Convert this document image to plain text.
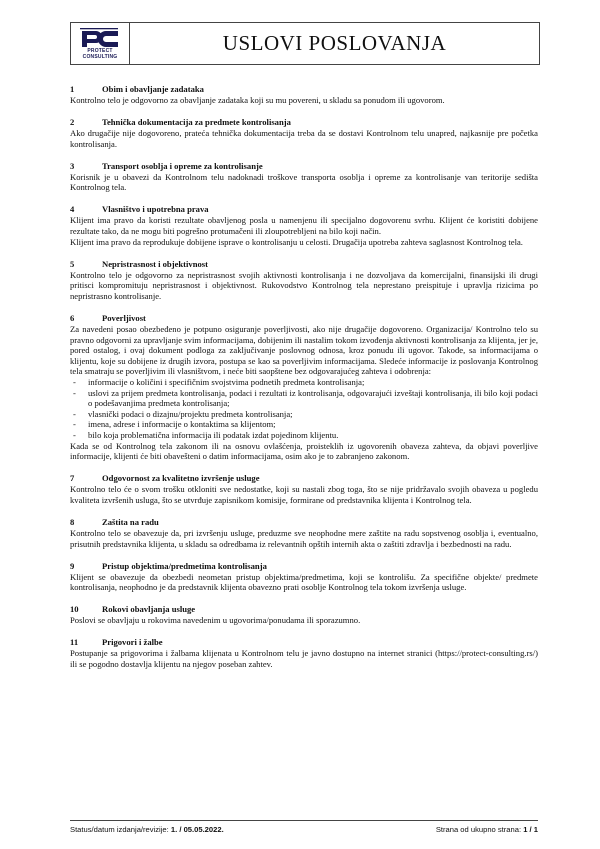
PROTECT
CONSULTING
USLOVI POSLOVANJA
1	Obim i obavljanje zadataka

Kontrolno telo je odgovorno za obavljanje zadataka koji su mu povereni, u skladu sa ponudom ili ugovorom.

2	Tehnička dokumentacija za predmete kontrolisanja

Ako drugačije nije dogovoreno, prateća tehnička dokumentacija treba da se dostavi Kontrolnom telu unapred, najkasnije pre početka kontrolisanja.

3	Transport osoblja i opreme za kontrolisanje

Korisnik je u obavezi da Kontrolnom telu nadoknadi troškove transporta osoblja i opreme za kontrolisanje van teritorije sedišta Kontrolnog tela.

4	Vlasništvo i upotrebna prava

Klijent ima pravo da koristi rezultate obavljenog posla u namenjenu ili specijalno dogovorenu svrhu. Klijent će koristiti dobijene rezultate tako, da ne mogu biti pogrešno protumačeni ili zloupotrebljeni na bilo koji način.

Klijent ima pravo da reprodukuje dobijene isprave o kontrolisanju u celosti. Drugačija upotreba zahteva saglasnost Kontrolnog tela.

5	Nepristrasnost i objektivnost

Kontrolno telo je odgovorno za nepristrasnost svojih aktivnosti kontrolisanja i ne dozvoljava da komercijalni, finansijski ili drugi pritisci kompromituju nepristrasnost i objektivnost. Rukovodstvo Kontrolnog tela neprestano preispituje i upravlja rizicima po nepristrasno kontrolisanje.

6	Poverljivost

Za navedeni posao obezbeđeno je potpuno osiguranje poverljivosti, ako nije drugačije dogovoreno. Organizacija/ Kontrolno telo su pravno odgovorni za upravljanje svim informacijama, dobijenim ili nastalim tokom izvođenja aktivnosti kontrolisanja za klijenta, jer je, pored ostalog, i ovaj dokument podloga za zaključivanje poslovnog odnosa, kroz ponudu ili ugovor. Takođe, sa informacijama o klijentu, koje su dobijene iz drugih izvora, postupa se kao sa poverljivim informacijama. Sledeće informacije iz poslovanja Kontrolnog tela smatraju se poverljivim ili vlasništvom, i neće biti saopštene bez odgovarajućeg zahteva i odobrenja:

- informacije o količini i specifičnim svojstvima podnetih predmeta kontrolisanja;
- uslovi za prijem predmeta kontrolisanja, podaci i rezultati iz kontrolisanja, odgovarajući izveštaji kontrolisanja, ili bilo koji podaci o podešavanjima predmeta kontrolisanja;
- vlasnički podaci o dizajnu/projektu predmeta kontrolisanja;
- imena, adrese i informacije o kontaktima sa klijentom;
- bilo koja problematična informacija ili podatak izdat pojedinom klijentu.

Kada se od Kontrolnog tela zakonom ili na osnovu ovlašćenja, proisteklih iz ugovorenih obaveza zahteva, da objavi poverljive informacije, klijenti će biti obavešteni o datim informacijama, osim ako je to zabranjeno zakonom.

7	Odgovornost za kvalitetno izvršenje usluge

Kontrolno telo će o svom trošku otkloniti sve nedostatke, koji su nastali zbog toga, što se nije pridržavalo svojih obaveza u pogledu kvaliteta izvršenih usluga, što se utvrđuje zapisnikom komisije, formirane od predstavnika klijenta i Kontrolnog tela.

8	Zaštita na radu

Kontrolno telo se obavezuje da, pri izvršenju usluge, preduzme sve neophodne mere zaštite na radu sopstvenog osoblja i, eventualno, prisutnih predstavnika klijenta, u skladu sa odredbama iz relevantnih opštih internih akta o zaštiti zdravlja i bezbednosti na radu.

9	Pristup objektima/predmetima kontrolisanja

Klijent se obavezuje da obezbedi neometan pristup objektima/predmetima, koji se kontrolišu. Za specifične objekte/ predmete kontrolisanja, neophodno je da predstavnik klijenta obavezno prati osoblje Kontrolnog tela tokom izvršenja usluge.

10	Rokovi obavljanja usluge

Poslovi se obavljaju u rokovima navedenim u ugovorima/ponudama ili sporazumno.

11	Prigovori i žalbe

Postupanje sa prigovorima i žalbama klijenata u Kontrolnom telu je javno dostupno na internet stranici (https://protect-consulting.rs/) ili se pogodno dostavlja klijentu na njegov poseban zahtev.

Status/datum izdanja/revizije: 1. / 05.05.2022.	Strana od ukupno strana: 1 / 1
